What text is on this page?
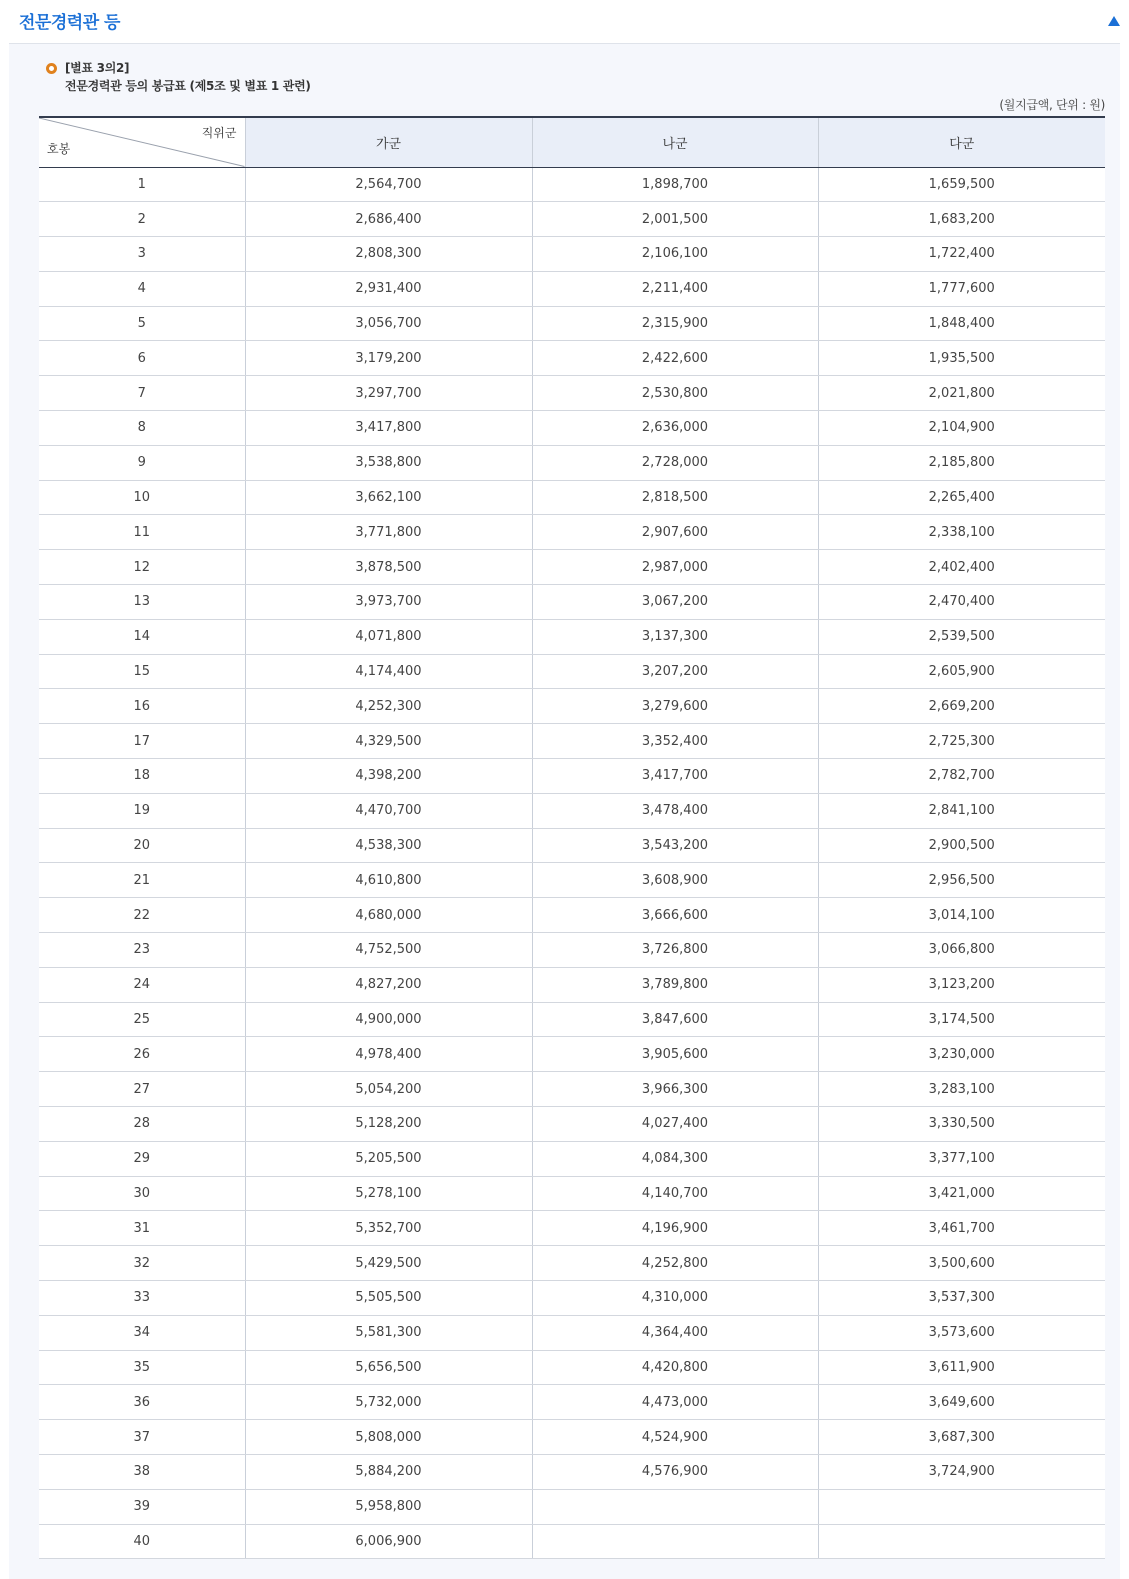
전문경력관 등
[별표 3의2]
전문경력관 등의 봉급표 (제5조 및 별표 1 관련)
(월지급액, 단위 : 원)
직위군
호봉	가군	나군	다군
1	2,564,700	1,898,700	1,659,500
2	2,686,400	2,001,500	1,683,200
3	2,808,300	2,106,100	1,722,400
4	2,931,400	2,211,400	1,777,600
5	3,056,700	2,315,900	1,848,400
6	3,179,200	2,422,600	1,935,500
7	3,297,700	2,530,800	2,021,800
8	3,417,800	2,636,000	2,104,900
9	3,538,800	2,728,000	2,185,800
10	3,662,100	2,818,500	2,265,400
11	3,771,800	2,907,600	2,338,100
12	3,878,500	2,987,000	2,402,400
13	3,973,700	3,067,200	2,470,400
14	4,071,800	3,137,300	2,539,500
15	4,174,400	3,207,200	2,605,900
16	4,252,300	3,279,600	2,669,200
17	4,329,500	3,352,400	2,725,300
18	4,398,200	3,417,700	2,782,700
19	4,470,700	3,478,400	2,841,100
20	4,538,300	3,543,200	2,900,500
21	4,610,800	3,608,900	2,956,500
22	4,680,000	3,666,600	3,014,100
23	4,752,500	3,726,800	3,066,800
24	4,827,200	3,789,800	3,123,200
25	4,900,000	3,847,600	3,174,500
26	4,978,400	3,905,600	3,230,000
27	5,054,200	3,966,300	3,283,100
28	5,128,200	4,027,400	3,330,500
29	5,205,500	4,084,300	3,377,100
30	5,278,100	4,140,700	3,421,000
31	5,352,700	4,196,900	3,461,700
32	5,429,500	4,252,800	3,500,600
33	5,505,500	4,310,000	3,537,300
34	5,581,300	4,364,400	3,573,600
35	5,656,500	4,420,800	3,611,900
36	5,732,000	4,473,000	3,649,600
37	5,808,000	4,524,900	3,687,300
38	5,884,200	4,576,900	3,724,900
39	5,958,800		
40	6,006,900		
